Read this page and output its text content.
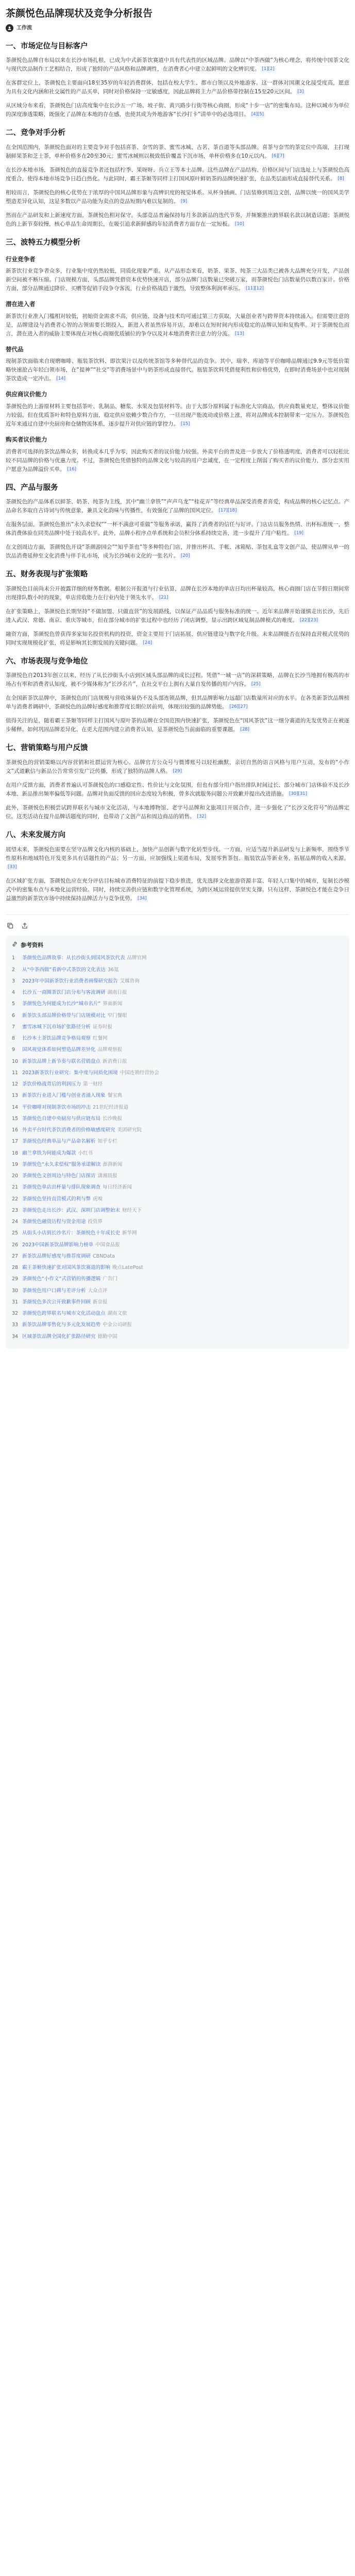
茶颜悦色品牌现状及竞争分析报告
工作流
一、市场定位与目标客户

茶颜悦色品牌自布局以来在长沙市场扎根，已成为中式新茶饮赛道中具有代表性的区域品牌。品牌以“中茶西做”为核心理念，将传统中国茶文化与现代饮品制作工艺相结合，形成了独特的产品风格和品牌调性，在消费者心中建立起鲜明的文化辨识度。 [1][2]

在客群定位上，茶颜悦色主要面向18至35岁的年轻消费群体，包括在校大学生、都市白领以及外地游客。这一群体对国潮文化接受度高，愿意为具有文化内涵和社交属性的产品买单，同时对价格保持一定敏感度，因此品牌将主力产品价格带控制在15至20元区间。 [3]

从区域分布来看，茶颜悦色门店高度集中在长沙五一广场、坡子街、黄兴路步行街等核心商圈，形成“十步一店”的密集布局。这种以城市为单位的深度渗透策略，既强化了品牌在本地的存在感，也使其成为外地游客“长沙打卡”清单中的必选项目。 [4][5]

二、竞争对手分析

在全国范围内，茶颜悦色面对的主要竞争对手包括喜茶、奈雪的茶、蜜雪冰城、古茗、茶百道等头部品牌。喜茶与奈雪的茶定位中高端，主打现制鲜果茶和芝士茶，单杯价格多在20至30元；蜜雪冰城则以极致低价覆盖下沉市场，单杯价格多在10元以内。 [6][7]

在长沙本地市场，茶颜悦色的直接竞争者还包括柠季、果呀呀、兵立王等本土品牌。这些品牌在产品结构、价格区间与门店选址上与茶颜悦色高度重合，使得本地市场竞争日趋白热化。与此同时，霸王茶姬等同样主打国风原叶鲜奶茶的品牌快速扩张，在品类层面形成直接替代关系。 [8]

相较而言，茶颜悦色的核心优势在于浓厚的中国风品牌形象与高辨识度的视觉体系。从杯身插画、门店装修到周边文创，品牌以统一的国风美学塑造差异化认知，这是多数以产品功能为卖点的竞品短期内难以复制的。 [9]

然而在产品研发和上新速度方面，茶颜悦色相对保守。头部竞品普遍保持每月多款新品的迭代节奏，并频繁推出跨界联名款以制造话题；茶颜悦色的上新节奏较慢，核心单品生命周期长，在吸引追求新鲜感的年轻消费者方面存在一定短板。 [10]

三、波特五力模型分析
行业竞争者

新茶饮行业竞争者众多，行业集中度仍然较低，同质化现象严重。从产品形态来看，奶茶、果茶、纯茶三大品类已被各大品牌充分开发，产品创新空间被不断压缩。门店规模方面，头部品牌凭借资本优势快速开店，部分品牌门店数量已突破万家，而茶颜悦色门店数量仍以数百家计。价格方面，部分品牌通过降价、买赠等促销手段争夺客流，行业价格战趋于激烈，导致整体利润率承压。 [11][12]

潜在进入者

新茶饮行业准入门槛相对较低，初始资金需求不高，供应链、设备与技术均可通过第三方获取，大量创业者与跨界资本持续涌入。但需要注意的是，品牌建设与消费者心智的占领需要长期投入，新进入者虽然容易开店，却难以在短时间内形成稳定的品牌认知和复购率。对于茶颜悦色而言，潜在进入者的威胁主要体现在对核心商圈优质铺位的争夺以及对本地消费者注意力的分流。 [13]

替代品

现制茶饮面临来自现磨咖啡、瓶装茶饮料、即饮果汁以及传统茶馆等多种替代品的竞争。其中，瑞幸、库迪等平价咖啡品牌通过9.9元等低价策略快速抢占年轻白领市场，在“提神”“社交”等消费场景中与奶茶形成直接替代。瓶装茶饮料凭借便利性和价格优势，在即时消费场景中也对现制茶饮造成一定冲击。 [14]

供应商议价能力

茶颜悦色的上游原材料主要包括茶叶、乳制品、糖浆、水果及包装材料等。由于大部分原料属于标准化大宗商品，供应商数量充足，整体议价能力较弱。但在优质茶叶和特色原料方面，稳定供应依赖少数合作方，一旦出现产能波动或价格上涨，将对品牌成本控制带来一定压力。茶颜悦色近年来通过自建中央厨房和仓储物流体系，逐步提升对供应链的掌控力。 [15]

购买者议价能力

消费者可选择的茶饮品牌众多，转换成本几乎为零，因此购买者的议价能力较强。外卖平台的普及进一步放大了价格透明度，消费者可以轻松比较不同品牌的价格与优惠力度。不过，茶颜悦色凭借独特的品牌文化与较高的用户忠诚度，在一定程度上削弱了购买者的议价能力，部分忠实用户愿意为品牌溢价买单。 [16]

四、产品与服务

茶颜悦色的产品体系以鲜茶、奶茶、纯茶为主线，其中“幽兰拿铁”“声声乌龙”“桂花弄”等经典单品深受消费者喜爱，构成品牌的核心记忆点。产品命名多取自古诗词与传统意象，兼具文化韵味与传播性，有效强化了品牌的国风定位。 [17][18]

在服务层面，茶颜悦色推出“永久求偿权”“一杯不满意可重做”等服务承诺，赢得了消费者的信任与好评。门店店员服务热情、出杯标准统一，整体消费体验在同类品牌中处于较高水平。此外，品牌小程序点单系统和会员积分体系持续完善，进一步提升了用户粘性。 [19]

在文创周边方面，茶颜悦色开设“茶颜游园会”“知乎茶也”等多种特色门店，并推出杯具、手帐、冰箱贴、茶包礼盒等文创产品，使品牌从单一的饮品消费延伸至文化消费与伴手礼市场，成为长沙城市文化的一张名片。 [20]

五、财务表现与扩张策略

茶颜悦色目前尚未公开披露详细的财务数据。根据公开报道与行业估算，品牌在长沙本地的单店日均出杯量较高，核心商圈门店在节假日期间常出现排队数小时的现象，单店营收能力在行业内处于领先水平。 [21]

在扩张策略上，茶颜悦色长期坚持“不做加盟、只做直营”的发展路线，以保证产品品质与服务标准的统一。近年来品牌开始谨慎走出长沙，先后进入武汉、常德、南京、重庆等城市，但在部分城市的扩张过程中也经历了闭店调整，显示出跨区域复制品牌模式的难度。 [22][23]

融资方面，茶颜悦色曾获得多家知名投资机构的投资，资金主要用于门店拓展、供应链建设与数字化升级。未来品牌能否在保持直营模式优势的同时实现规模化扩张，将是影响其长期发展的关键问题。 [24]

六、市场表现与竞争地位

茶颜悦色自2013年创立以来，经历了从长沙街头小店到区域头部品牌的成长过程。凭借“一城一店”的深耕策略，品牌在长沙当地拥有极高的市场占有率和消费者认知度，被不少媒体称为“长沙名片”，在社交平台上拥有大量自发传播的用户内容。 [25]

在全国新茶饮品牌中，茶颜悦色的门店规模与营收体量仍不及头部连锁品牌，但其品牌影响力远超门店数量所对应的水平。在各类新茶饮品牌榜单与消费者调研中，茶颜悦色的品牌好感度和推荐度长期位居前列，体现出较强的品牌势能。 [26][27]

值得关注的是，随着霸王茶姬等同样主打国风与原叶茶的品牌在全国范围内快速扩张，茶颜悦色在“国风茶饮”这一细分赛道的先发优势正在被逐步稀释。如何巩固品牌差异化、在更大范围内建立消费者认知，是茶颜悦色当前面临的重要课题。 [28]

七、营销策略与用户反馈

茶颜悦色的营销策略以内容营销和社群运营为核心。品牌官方公众号与微博账号以轻松幽默、亲切自然的语言风格与用户互动，发布的“小作文”式道歉信与新品公告常常引发广泛传播，形成了独特的品牌人格。 [29]

在用户反馈方面，消费者普遍认可茶颜悦色的口感稳定性、性价比与文化氛围，但也有部分用户指出排队时间过长、部分城市门店体验不及长沙本地、新品推出频率偏低等问题。品牌对负面反馈的回应态度较为积极，曾多次就服务问题公开致歉并提出改进措施。 [30][31]

此外，茶颜悦色积极尝试跨界联名与城市文化活动，与本地博物馆、老字号品牌和文旅项目开展合作，进一步强化了“长沙文化符号”的品牌定位。这类活动在提升品牌话题度的同时，也带动了文创产品和周边商品的销售。 [32]

八、未来发展方向

展望未来，茶颜悦色需要在坚守品牌文化内核的基础上，加快产品创新与数字化转型步伐。一方面，应适当提升新品研发与上新频率，围绕季节性原料和地域特色开发更多具有话题性的产品；另一方面，应加强线上渠道布局，发展零售茶包、瓶装饮品等新业务，拓展品牌的收入来源。[33]

在区域扩张方面，茶颜悦色应在充分评估目标城市消费特征的前提下稳步推进，优先选择文化旅游资源丰富、年轻人口集中的城市，复制长沙模式中的密集布点与本地化运营经验。同时，持续完善供应链和数字化管理系统，为跨区域运营提供坚实支撑。只有这样，茶颜悦色才能在竞争日益激烈的新茶饮市场中持续保持品牌活力与竞争优势。 [34]

参考资料
1	茶颜悦色品牌故事：从长沙街头到国风茶饮代表 品牌官网
2	从“中茶西做”看新中式茶饮的文化表达 36氪
3	2023年中国新茶饮行业消费者画像研究报告 艾媒咨询
4	长沙五一商圈茶饮门店分布与客流调研 湖南日报
5	茶颜悦色为何能成为长沙“城市名片” 界面新闻
6	新茶饮头部品牌价格带与门店规模对比 窄门餐眼
7	蜜雪冰城下沉市场扩张路径分析 证券时报
8	长沙本土茶饮品牌竞争格局观察 红餐网
9	国风视觉体系如何塑造品牌差异化 品牌观察报
10 新茶饮品牌上新节奏与联名营销盘点 新消费日报
11 2023新茶饮行业研究：集中度与同质化困境 中国连锁经营协会
12 茶饮价格战背后的利润压力 第一财经
13 新茶饮行业进入门槛与创业者涌入现象 餐宝典
14 平价咖啡对现制茶饮市场的冲击 21世纪经济报道
15 茶颜悦色自建中央厨房与供应链布局 长沙晚报
16 外卖平台时代茶饮消费者的价格敏感度研究 美团研究院
17 茶颜悦色经典单品与产品命名解析 知乎专栏
18 幽兰拿铁为何能成为爆款 小红书
19 茶颜悦色“永久求偿权”服务承诺解读 澎湃新闻
20 茶颜悦色文创周边与特色门店探访 潇湘晨报
21 茶颜悦色单店出杯量与排队现象调查 每日经济新闻
22 茶颜悦色坚持直营模式的利与弊 虎嗅
23 茶颜悦色走出长沙：武汉、深圳门店调整始末 财经天下
24 茶颜悦色融资历程与资金用途 投资界
25 从街头小店到长沙名片：茶颜悦色十年成长史 新华网
26 2023中国新茶饮品牌影响力榜单 中国食品报
27 新茶饮品牌好感度与推荐度调研 CBNData
28 霸王茶姬快速扩张对国风茶饮赛道的影响 晚点LatePost
29 茶颜悦色“小作文”式营销的传播逻辑 广告门
30 茶颜悦色用户口碑与差评分析 大众点评
31 茶颜悦色多次公开致歉事件回顾 新京报
32 茶颜悦色跨界联名与城市文化活动盘点 湖南文旅
33 新茶饮品牌零售化与多元化发展趋势 中金公司研报
34 区域茶饮品牌全国化扩张路径研究 德勤中国
